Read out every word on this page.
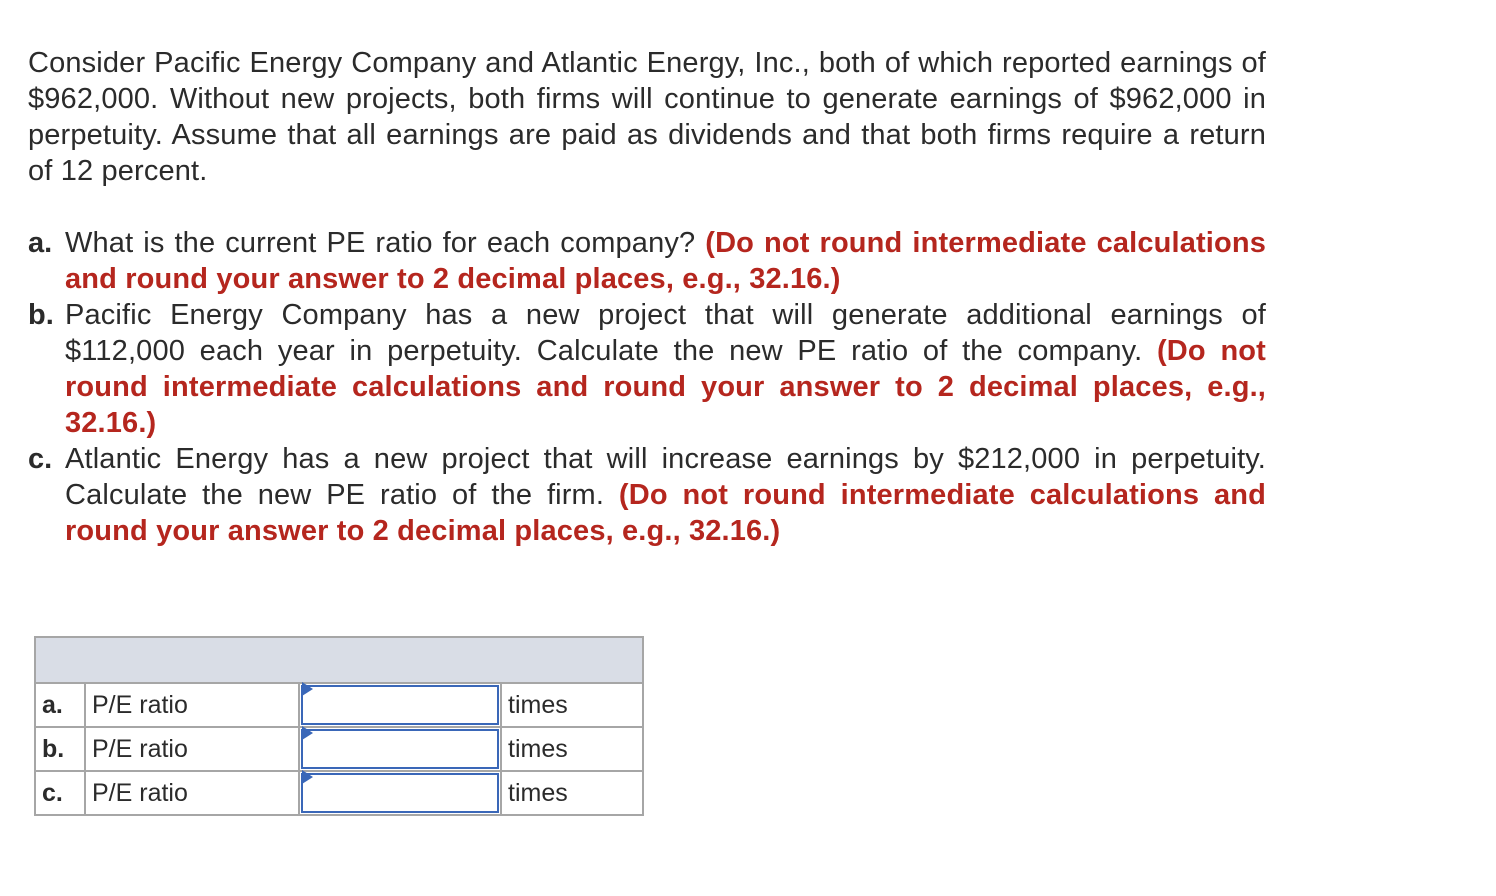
Consider Pacific Energy Company and Atlantic Energy, Inc., both of which reported earnings of $962,000. Without new projects, both firms will continue to generate earnings of $962,000 in perpetuity. Assume that all earnings are paid as dividends and that both firms require a return of 12 percent.

a. What is the current PE ratio for each company? (Do not round intermediate calculations and round your answer to 2 decimal places, e.g., 32.16.)
b. Pacific Energy Company has a new project that will generate additional earnings of $112,000 each year in perpetuity. Calculate the new PE ratio of the company. (Do not round intermediate calculations and round your answer to 2 decimal places, e.g., 32.16.)
c. Atlantic Energy has a new project that will increase earnings by $212,000 in perpetuity. Calculate the new PE ratio of the firm. (Do not round intermediate calculations and round your answer to 2 decimal places, e.g., 32.16.)

a.	P/E ratio		times
b.	P/E ratio		times
c.	P/E ratio		times
